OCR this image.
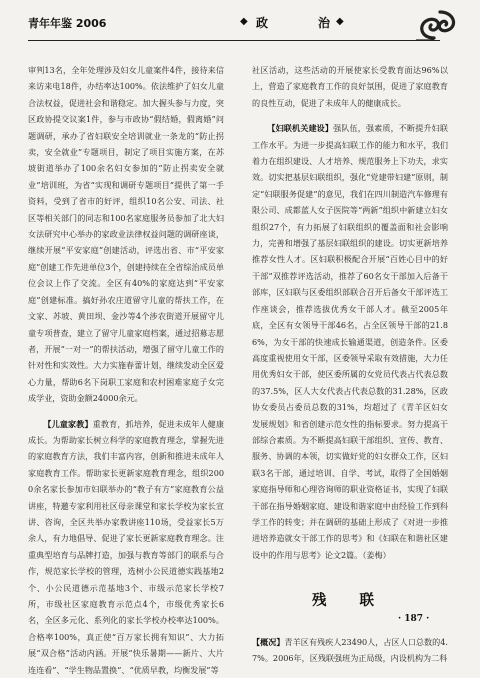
青年年鉴 2006	◆ 政	治 ◆

审判13名，全年处理涉及妇女儿童案件4件，接待来信来访来电18件，办结率达100%。依法维护了妇女儿童合法权益，促进社会和谐稳定。加大握头参与力度，突区政协提交议案1件，参与市政协“假结婚，假离婚”问题调研，承办了省妇联安全培训就业一条龙的“防止拐卖，安全就业”专题项目，制定了项目实施方案，在苏坡街道举办了100余名妇女参加的“防止拐卖安全就业”培训班，为省“实现和调研专题项目”提供了第一手资料，受到了省市的好评，组织10名公安、司法、社区等相关部门的同志和100名家庭服务员参加了北大妇女法研究中心举办的家政业法律权益问题的调研座谈，继续开展“平安家庭”创建活动，评选出省、市“平安家庭”创建工作先进单位3个，创建持续在全省综治成员单位会议上作了交流。全区有40%的家庭达到“平安家庭”创建标准。搞好孙农庄道留守儿童的帮扶工作，在文家、苏坡、黄田坝、金沙等4个涉农街道开展留守儿童专项普查，建立了留守儿童家庭档案，通过招募志愿者，开展“一对一”的帮扶活动，增强了留守儿童工作的针对性和实效性。大力实施春蕾计划，继续发动全区爱心力量，帮助6名下岗职工家庭和农村困难家庭子女完成学业，资助金额24000余元。

【儿童家教】重教育，抓培养，促进未成年人健康成长。为帮助家长树立科学的家庭教育理念，掌握先进的家庭教育方法，我们丰富内容，创新和推进未成年人家庭教育工作。帮助家长更新家庭教育理念，组织2000余名家长参加市妇联举办的“教子有方”家庭教育公益讲座，特邀专家利用社区母亲课堂和家长学校为家长宣讲、咨询，全区共举办家教讲座110场，受益家长5万余人，有力地倡导、促进了家长更新家庭教育理念。注重典型培育与品牌打造，加强与教育等部门的联系与合作，规范家长学校的管理，选树小公民道德实践基地2个、小公民道德示范基地3个、市级示范家长学校7所，市级社区家庭教育示范点4个，市级优秀家长6名，全区多元化、系列化的家长学校办校率达100%。合格率100%，真正使“百万家长拥有知识”、大力拓展“双合格”活动内涵。开展“快乐暑期——新片、大片连连看”、“学生物品置换”、“优质早教，均衡发展”等

社区活动，这些活动的开展使家长受教育面达96%以上，营造了家庭教育工作的良好氛围，促进了家庭教育的良性互动，促进了未成年人的健康成长。

【妇联机关建设】强队伍，强素质，不断提升妇联工作水平。为进一步提高妇联工作的能力和水平，我们着力在组织建设、人才培养、规范服务上下功夫，求实效。切实把基层妇联组织，强化“党建带妇建”原则，制定“妇联服务促建”的意见，我们在四川制造汽车修理有限公司、成都蓝人女子医院等“两新”组织中新建立妇女组织27个，有力拓展了妇联组织的覆盖面和社会影响力，完善和增强了基层妇联组织的建设。切实更新培养推荐女性人才。区妇联积极配合开展“百姓心目中的好干部”双推荐评选活动，推荐了60名女干部加入后备干部库，区妇联与区委组织部联合召开后备女干部评选工作座谈会，推荐选拔优秀女干部人才。截至2005年底，全区有女领导干部46名，占全区领导干部的21.86%，为女干部的快速成长输通渠道，创造条件。区委高度重视使用女干部，区委领导采取有效措施，大力任用优秀妇女干部，使区委所属的女党员代表占代表总数的37.5%，区人大女代表占代表总数的31.28%，区政协女委员占委员总数的31%，均超过了《青羊区妇女发展规划》和省创建示范女性的指标要求。努力提高干部综合素质。为不断提高妇联干部组织、宣传、教育、服务、协调的本领，切实做好党的妇女群众工作，区妇联3名干部，通过培训、自学、考试，取得了全国婚姻家庭指导师和心理咨询师的职业资格证书，实现了妇联干部在指导婚姻家庭、建设和谐家庭中由经验工作到科学工作的转变；并在调研的基础上形成了《对进一步推进培养造就女干部工作的思考》和《妇联在和谐社区建设中的作用与思考》论文2篇。（姜梅）

残 联

【概况】青羊区有残疾人23490人，占区人口总数的4.7%。2006年，区残联强班为正局级，内设机构为二科

· 187 ·
